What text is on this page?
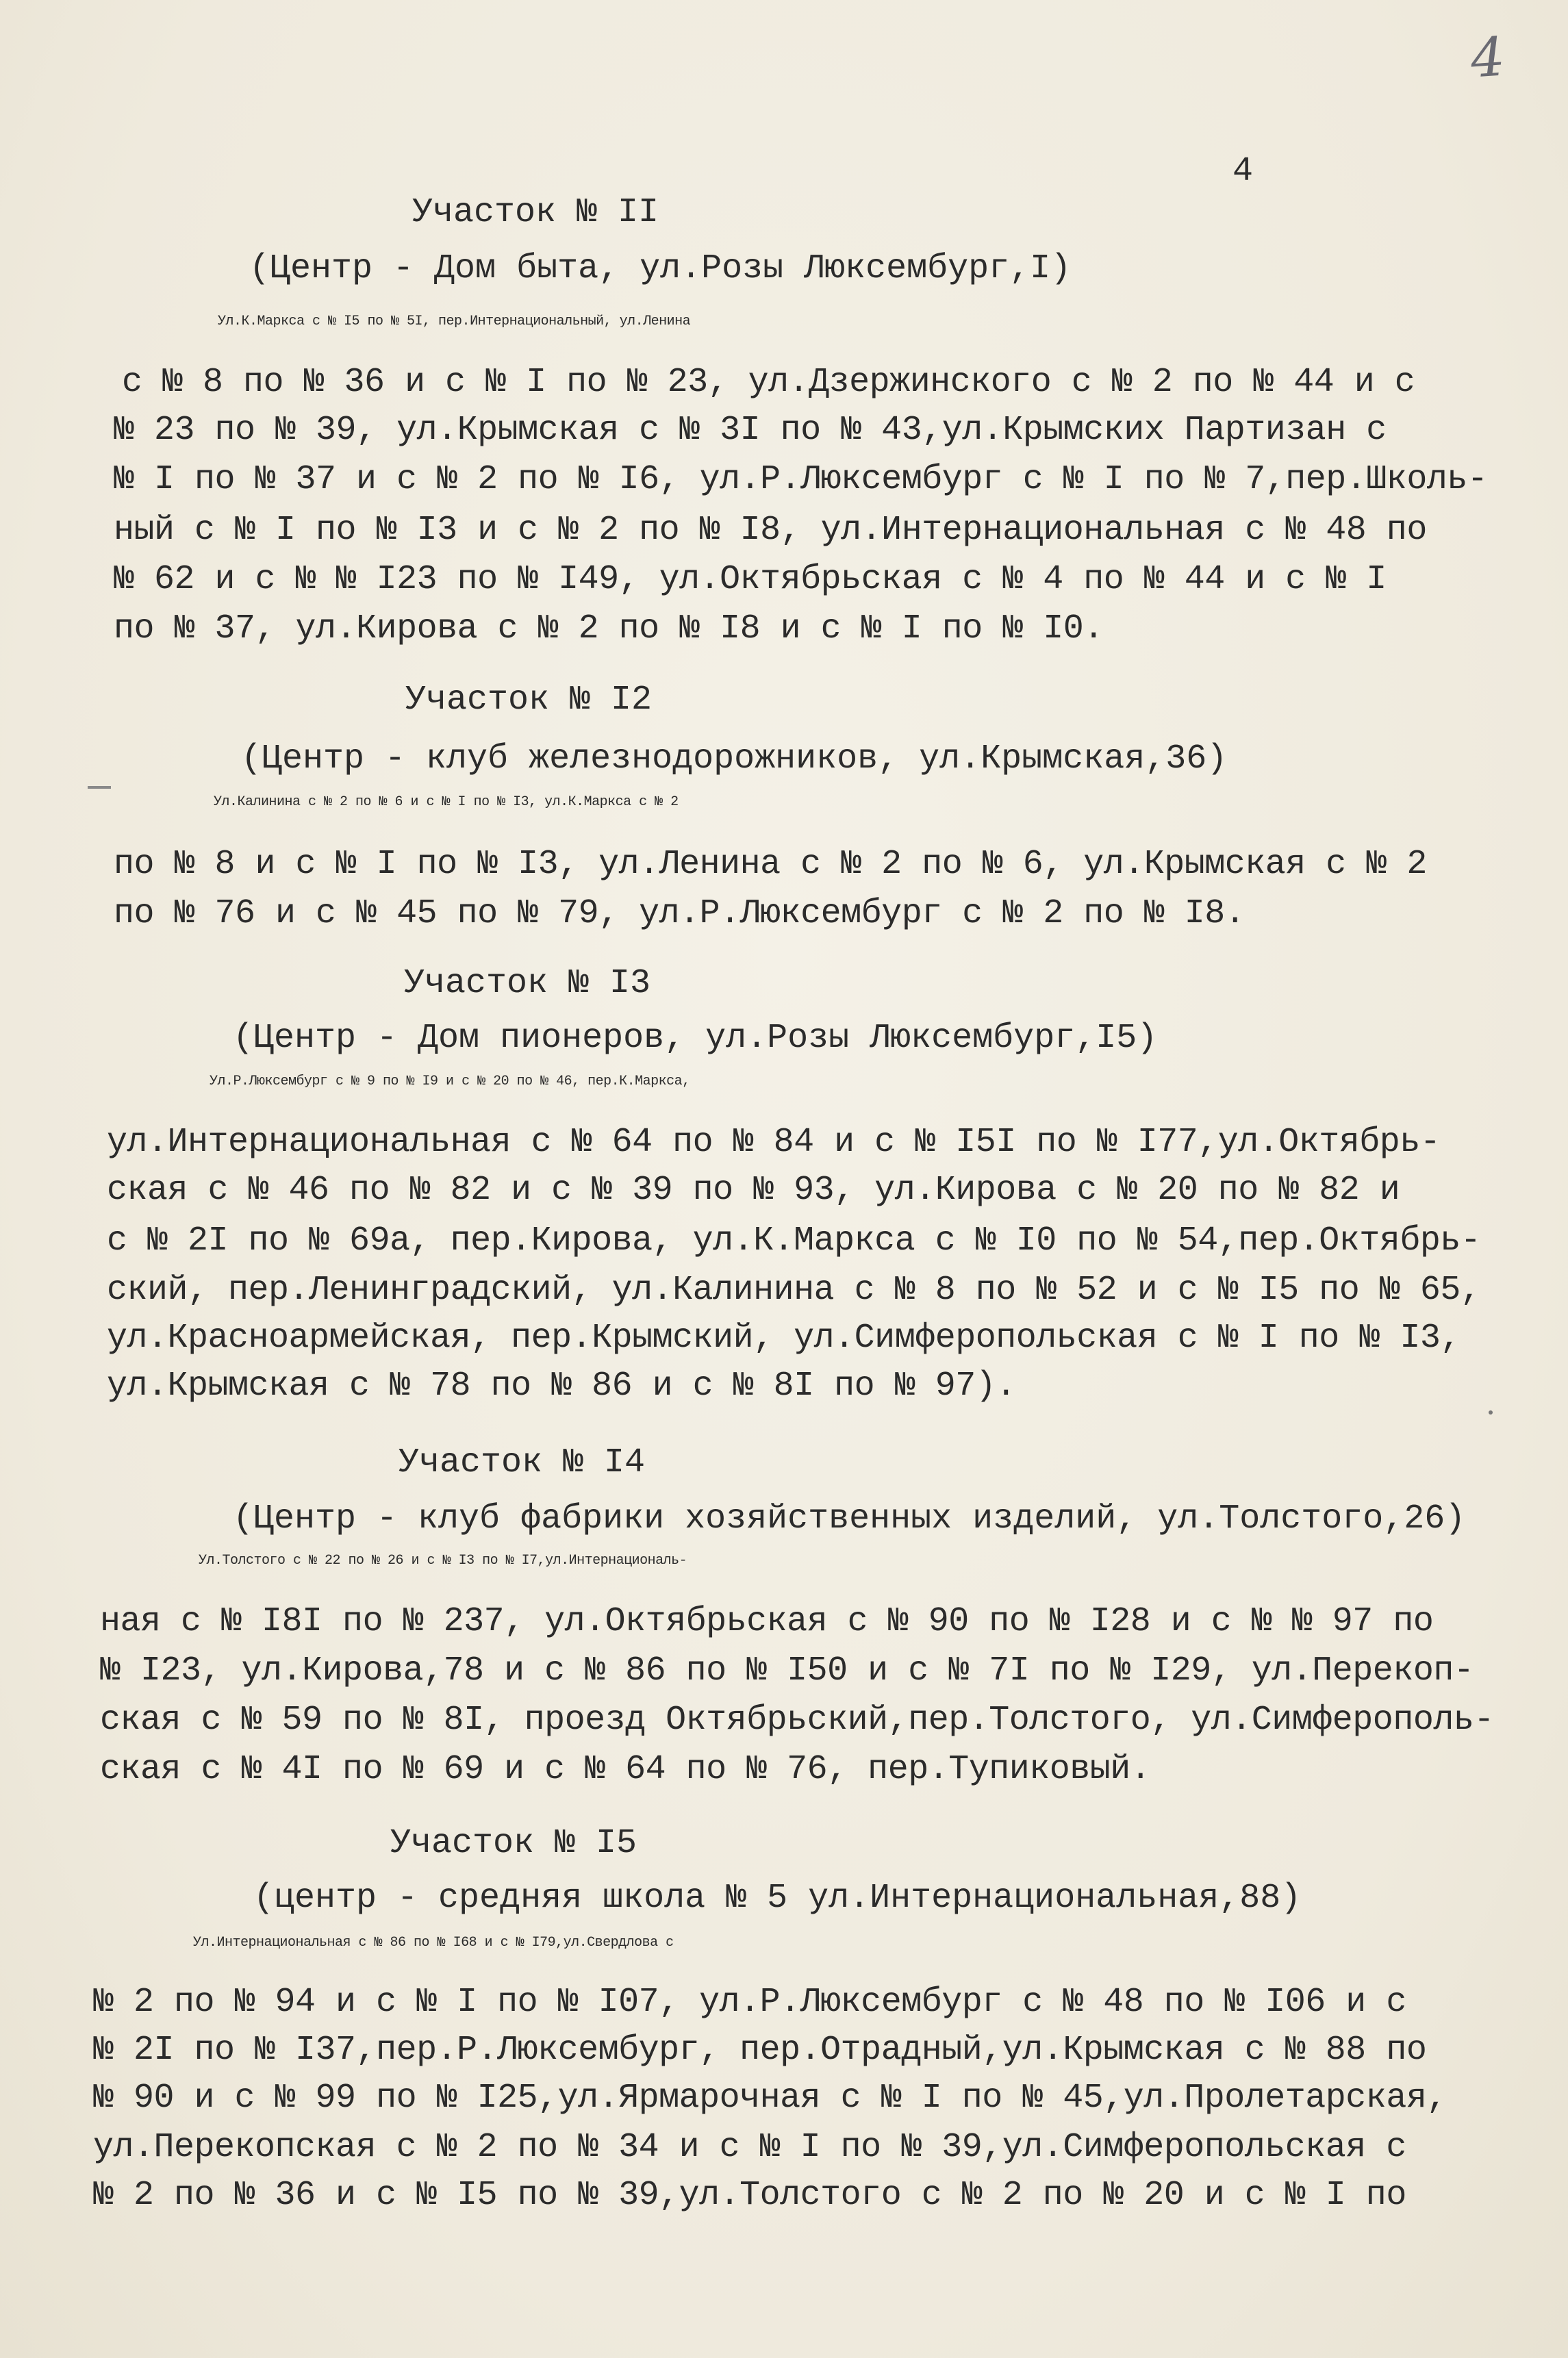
4
4
Участок № II
(Центр - Дом быта, ул.Розы Люксембург,I)
Ул.К.Маркса с № I5 по № 5I, пер.Интернациональный, ул.Ленина
с № 8 по № 36 и с № I по № 23, ул.Дзержинского с № 2 по № 44 и с
№ 23 по № 39, ул.Крымская с № 3I по № 43,ул.Крымских Партизан с
№ I по № 37 и с № 2 по № I6, ул.Р.Люксембург с № I по № 7,пер.Школь-
ный с № I по № I3 и с № 2 по № I8, ул.Интернациональная с № 48 по
№ 62 и с № № I23 по № I49, ул.Октябрьская с № 4 по № 44 и с № I
по № 37, ул.Кирова с № 2 по № I8 и с № I по № I0.
Участок № I2
(Центр - клуб железнодорожников, ул.Крымская,36)
Ул.Калинина с № 2 по № 6 и с № I по № I3, ул.К.Маркса с № 2
по № 8 и с № I по № I3, ул.Ленина с № 2 по № 6, ул.Крымская с № 2
по № 76 и с № 45 по № 79, ул.Р.Люксембург с № 2 по № I8.
Участок № I3
(Центр - Дом пионеров, ул.Розы Люксембург,I5)
Ул.Р.Люксембург с № 9 по № I9 и с № 20 по № 46, пер.К.Маркса,
ул.Интернациональная с № 64 по № 84 и с № I5I по № I77,ул.Октябрь-
ская с № 46 по № 82 и с № 39 по № 93, ул.Кирова с № 20 по № 82 и
с № 2I по № 69а, пер.Кирова, ул.К.Маркса с № I0 по № 54,пер.Октябрь-
ский, пер.Ленинградский, ул.Калинина с № 8 по № 52 и с № I5 по № 65,
ул.Красноармейская, пер.Крымский, ул.Симферопольская с № I по № I3,
ул.Крымская с № 78 по № 86 и с № 8I по № 97).
Участок № I4
(Центр - клуб фабрики хозяйственных изделий, ул.Толстого,26)
Ул.Толстого с № 22 по № 26 и с № I3 по № I7,ул.Интернациональ-
ная с № I8I по № 237, ул.Октябрьская с № 90 по № I28 и с № № 97 по
№ I23, ул.Кирова,78 и с № 86 по № I50 и с № 7I по № I29, ул.Перекоп-
ская с № 59 по № 8I, проезд Октябрьский,пер.Толстого, ул.Симферополь-
ская с № 4I по № 69 и с № 64 по № 76, пер.Тупиковый.
Участок № I5
(центр - средняя школа № 5 ул.Интернациональная,88)
Ул.Интернациональная с № 86 по № I68 и с № I79,ул.Свердлова с
№ 2 по № 94 и с № I по № I07, ул.Р.Люксембург с № 48 по № I06 и с
№ 2I по № I37,пер.Р.Люксембург, пер.Отрадный,ул.Крымская с № 88 по
№ 90 и с № 99 по № I25,ул.Ярмарочная с № I по № 45,ул.Пролетарская,
ул.Перекопская с № 2 по № 34 и с № I по № 39,ул.Симферопольская с
№ 2 по № 36 и с № I5 по № 39,ул.Толстого с № 2 по № 20 и с № I по
